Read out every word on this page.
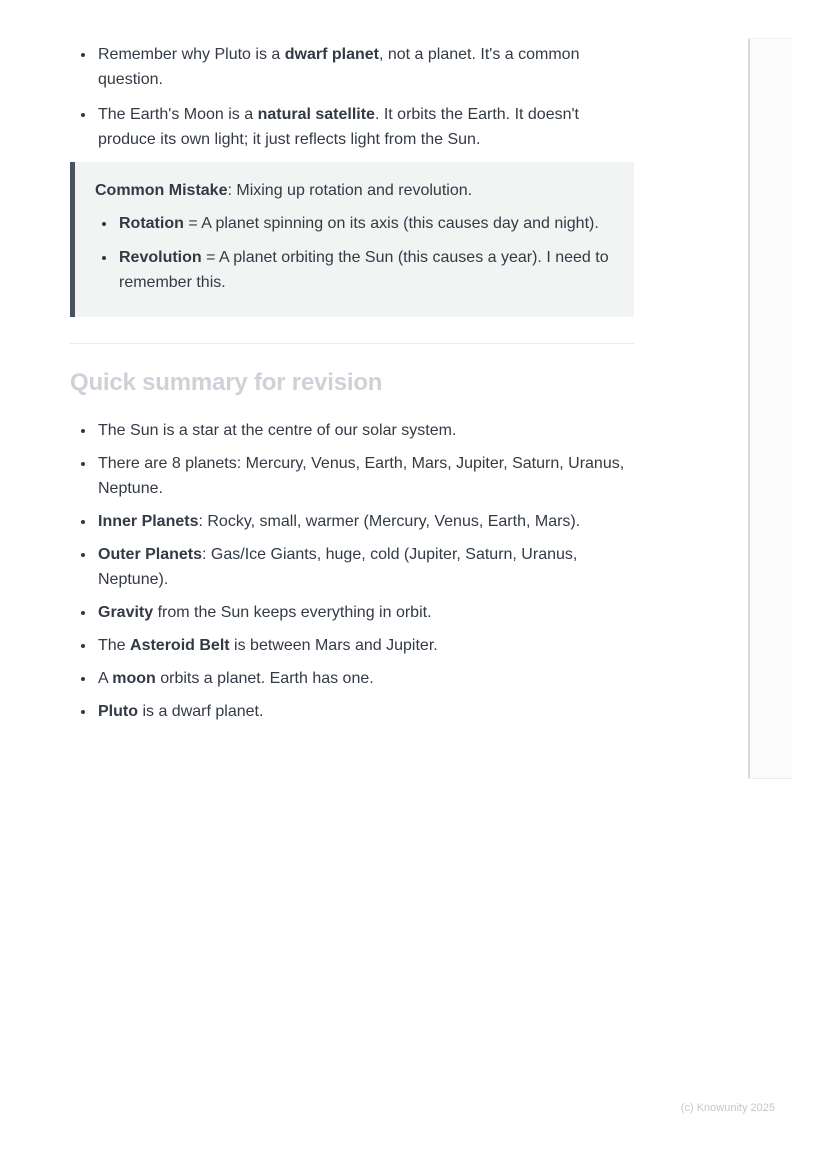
• Remember why Pluto is a dwarf planet, not a planet. It's a common question.
• The Earth's Moon is a natural satellite. It orbits the Earth. It doesn't produce its own light; it just reflects light from the Sun.

Common Mistake: Mixing up rotation and revolution.

• Rotation = A planet spinning on its axis (this causes day and night).
• Revolution = A planet orbiting the Sun (this causes a year). I need to remember this.
Quick summary for revision
• The Sun is a star at the centre of our solar system.
• There are 8 planets: Mercury, Venus, Earth, Mars, Jupiter, Saturn, Uranus, Neptune.
• Inner Planets: Rocky, small, warmer (Mercury, Venus, Earth, Mars).
• Outer Planets: Gas/Ice Giants, huge, cold (Jupiter, Saturn, Uranus, Neptune).
• Gravity from the Sun keeps everything in orbit.
• The Asteroid Belt is between Mars and Jupiter.
• A moon orbits a planet. Earth has one.
• Pluto is a dwarf planet.
(c) Knowunity 2025
